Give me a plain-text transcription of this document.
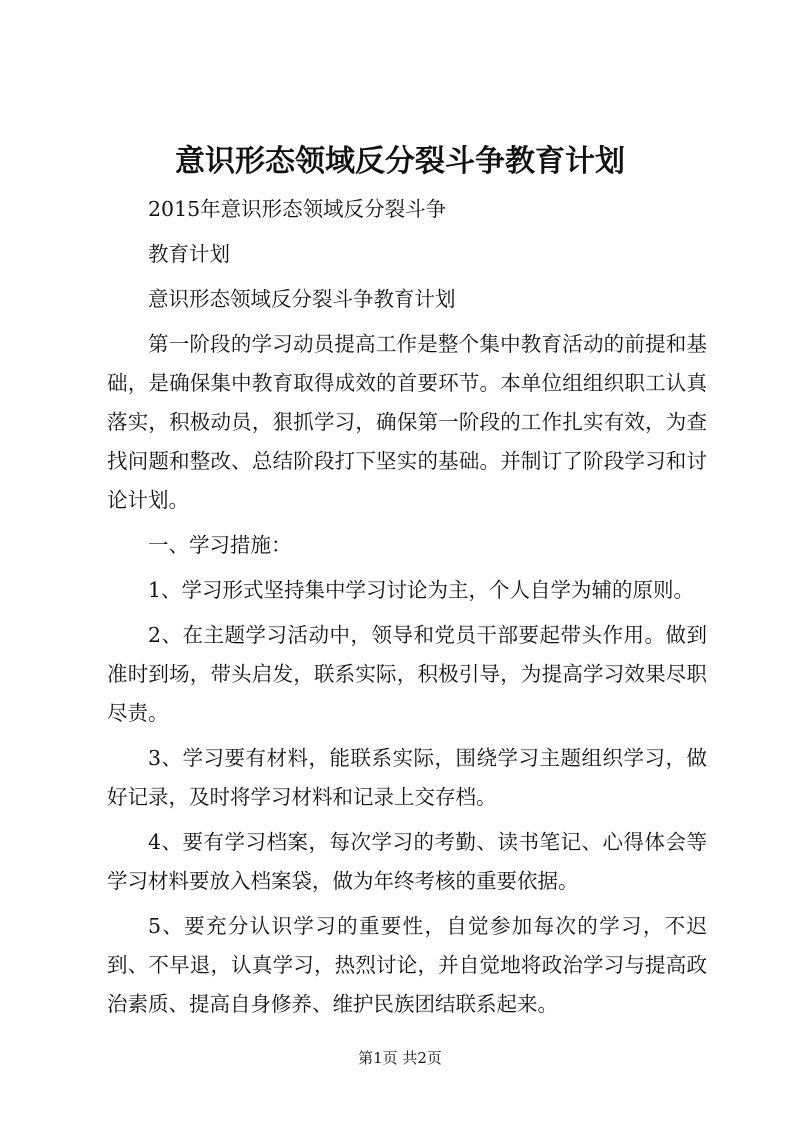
意识形态领域反分裂斗争教育计划

2015年意识形态领域反分裂斗争

教育计划

意识形态领域反分裂斗争教育计划

第一阶段的学习动员提高工作是整个集中教育活动的前提和基础，是确保集中教育取得成效的首要环节。本单位组组织职工认真落实，积极动员，狠抓学习，确保第一阶段的工作扎实有效，为查找问题和整改、总结阶段打下坚实的基础。并制订了阶段学习和讨论计划。

一、学习措施：

1、学习形式坚持集中学习讨论为主，个人自学为辅的原则。

2、在主题学习活动中，领导和党员干部要起带头作用。做到准时到场，带头启发，联系实际，积极引导，为提高学习效果尽职尽责。

3、学习要有材料，能联系实际，围绕学习主题组织学习，做好记录，及时将学习材料和记录上交存档。

4、要有学习档案，每次学习的考勤、读书笔记、心得体会等学习材料要放入档案袋，做为年终考核的重要依据。

5、要充分认识学习的重要性，自觉参加每次的学习，不迟到、不早退，认真学习，热烈讨论，并自觉地将政治学习与提高政治素质、提高自身修养、维护民族团结联系起来。

第1页 共2页
